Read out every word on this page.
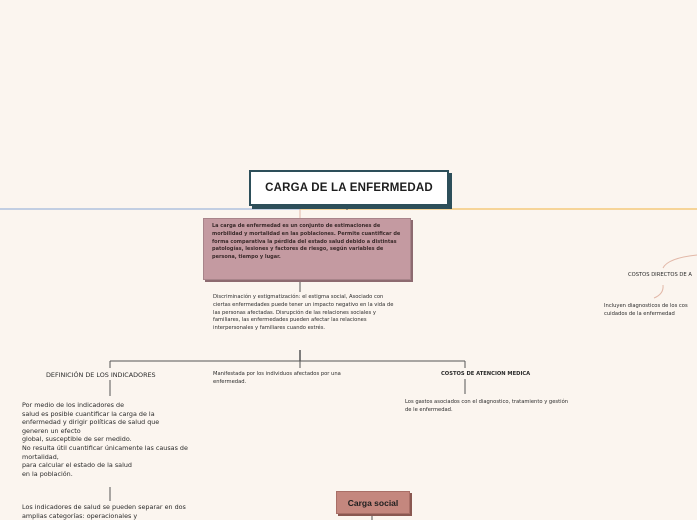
CARGA DE LA ENFERMEDAD
La carga de enfermedad es un conjunto de estimaciones de morbilidad y mortalidad en las poblaciones. Permite cuantificar de forma comparativa la pérdida del estado salud debido a distintas patologías, lesiones y factores de riesgo, según variables de persona, tiempo y lugar.
Discriminación y estigmatización: el estigma social, Asociado con ciertas enfermedades puede tener un impacto negativo en la vida de las personas afectadas. Disrupción de las relaciones sociales y familiares, las enfermedades pueden afectar las relaciones interpersonales y familiares cuando estrés.
DEFINICIÓN DE LOS INDICADORES
Por medio de los indicadores de
salud es posible cuantificar la carga de la
enfermedad y dirigir políticas de salud que
generen un efecto
global, susceptible de ser medido.
No resulta útil cuantificar únicamente las causas de
mortalidad,
para calcular el estado de la salud
en la población.
Los indicadores de salud se pueden separar en dos
amplias categorías: operacionales y
Manifestada por los individuos afectados por una enfermedad.
COSTOS DE ATENCION MEDICA
Los gastos asociados con el diagnostico, tratamiento y gestión de le enfermedad.
COSTOS DIRECTOS DE A
Incluyen diagnosticos de los cos cuidados de la enfermedad
Carga social
